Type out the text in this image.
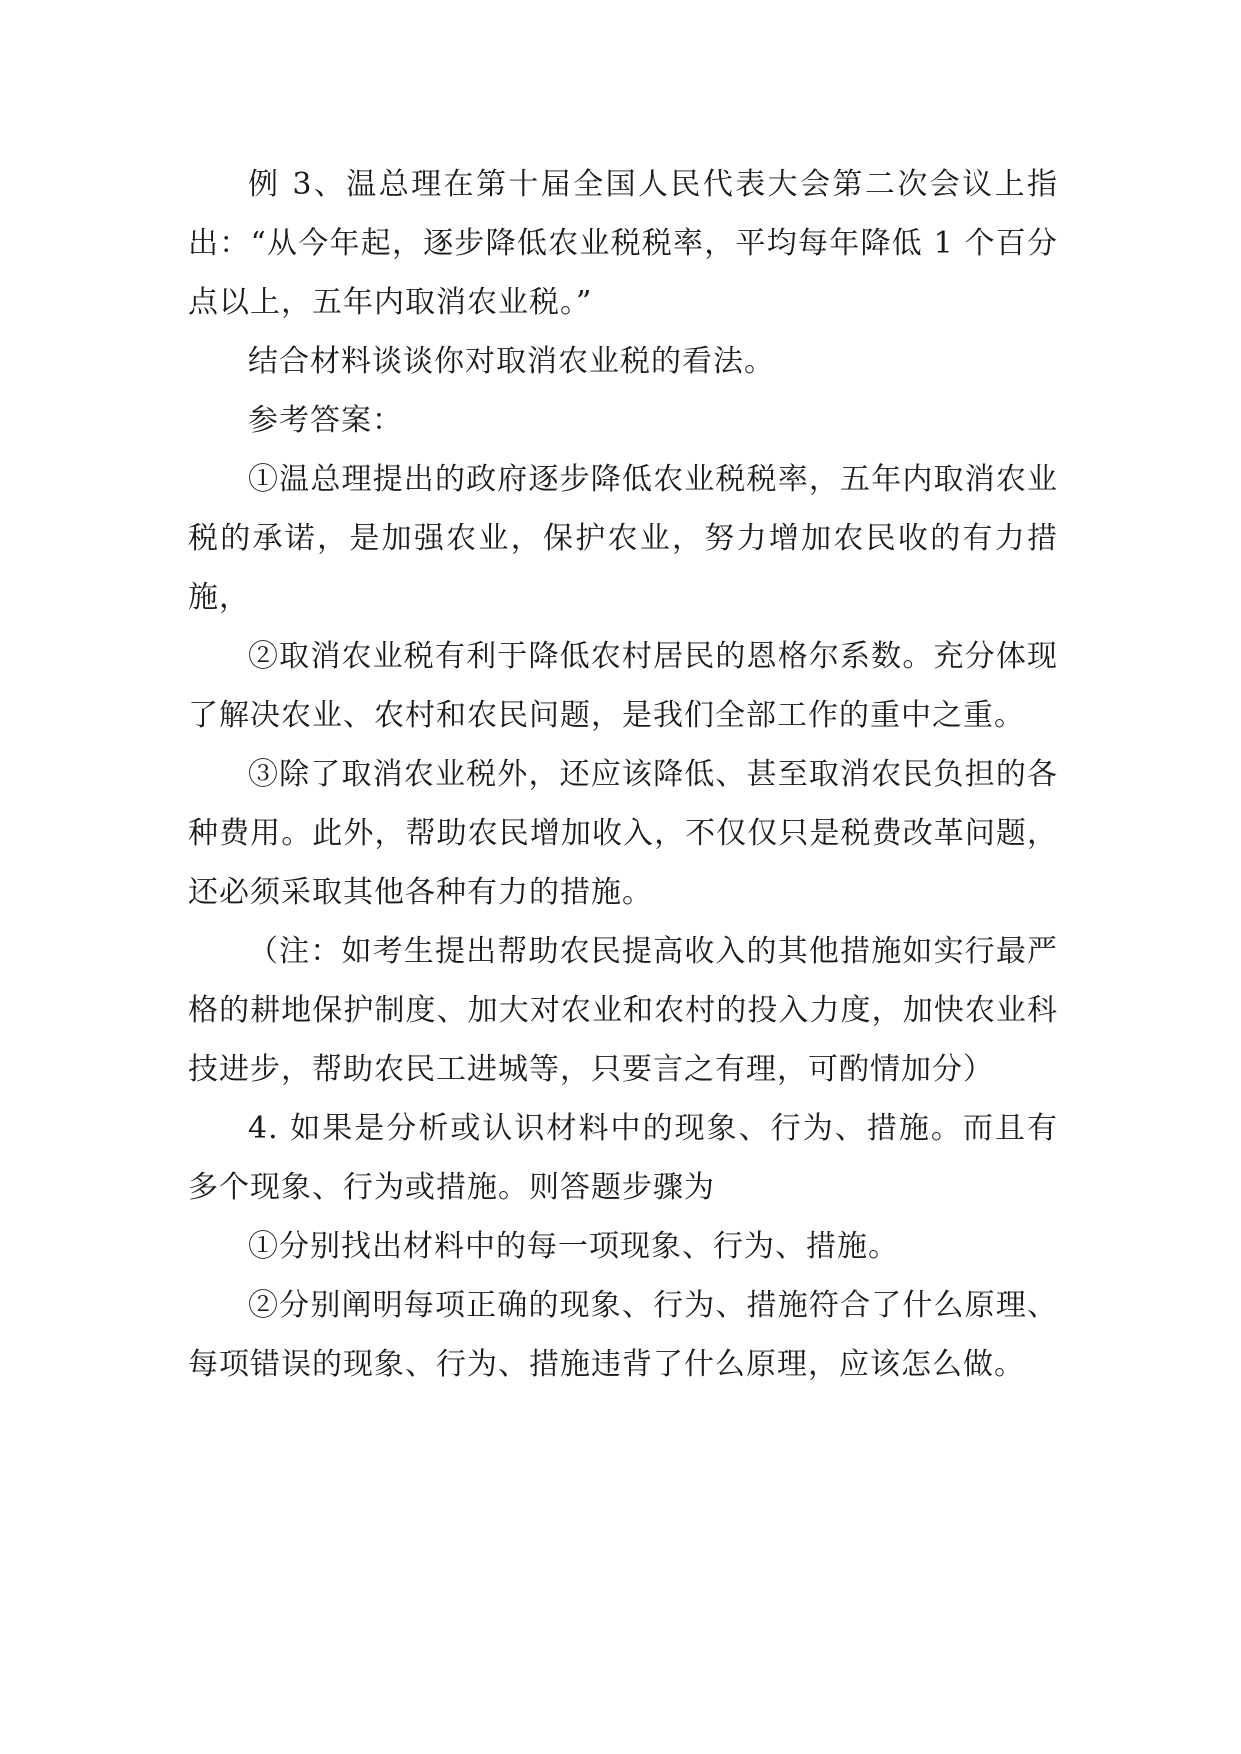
例 3、温总理在第十届全国人民代表大会第二次会议上指出：“从今年起，逐步降低农业税税率，平均每年降低 1 个百分点以上，五年内取消农业税。”

结合材料谈谈你对取消农业税的看法。

参考答案：

①温总理提出的政府逐步降低农业税税率，五年内取消农业税的承诺，是加强农业，保护农业，努力增加农民收的有力措施，

②取消农业税有利于降低农村居民的恩格尔系数。充分体现了解决农业、农村和农民问题，是我们全部工作的重中之重。

③除了取消农业税外，还应该降低、甚至取消农民负担的各种费用。此外，帮助农民增加收入，不仅仅只是税费改革问题，还必须采取其他各种有力的措施。

（注：如考生提出帮助农民提高收入的其他措施如实行最严格的耕地保护制度、加大对农业和农村的投入力度，加快农业科技进步，帮助农民工进城等，只要言之有理，可酌情加分）

4. 如果是分析或认识材料中的现象、行为、措施。而且有多个现象、行为或措施。则答题步骤为

①分别找出材料中的每一项现象、行为、措施。

②分别阐明每项正确的现象、行为、措施符合了什么原理、每项错误的现象、行为、措施违背了什么原理，应该怎么做。
